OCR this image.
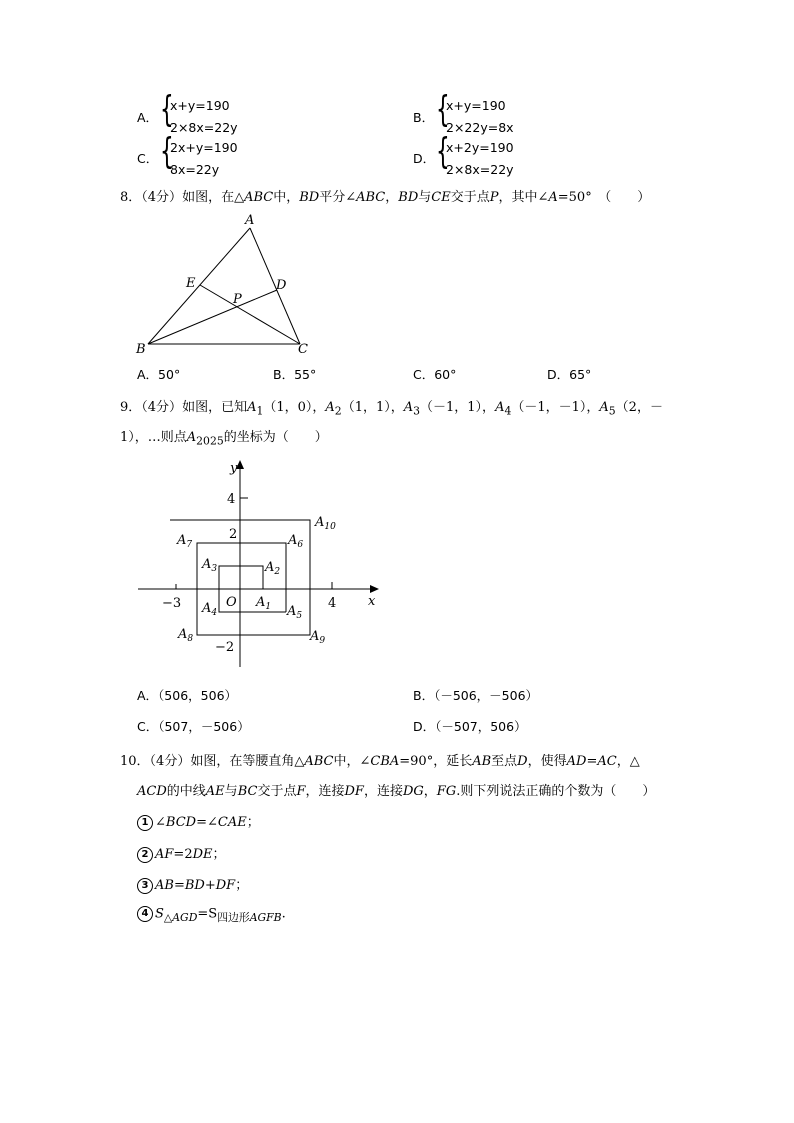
A． {
x+y=190
2×8x=22y
B． {
x+y=190
2×22y=8x
C． {
2x+y=190
8x=22y
D． {
x+2y=190
2×8x=22y
8．（4分）如图，在△ABC中，BD平分∠ABC，BD与CE交于点P，其中∠A=50°　（　　）
A
B	C
D
E
P
A．50°	B．55°	C．60°	D．65°
9．（4分）如图，已知$A_1(1$，0），$A_2(1$，1），$A_3(-1$，1），$A_4(-1$，－1），$A_5(2$，－
1），…则点$A_{2025}$的坐标为（　　）
y
x
O
4
2
−2
−3	4
$A_1$
$A_2$
$A_3$
$A_4$	$A_5$
$A_6$
$A_7$
$A_8$	$A_9$
$A_{10}$
A．（506，506）	B．（－506，－506）
C．（507，－506）	D．（－507，506）
10．（4分）如图，在等腰直角△ABC中，∠CBA=90°，延长AB至点D，使得AD=AC，△
ACD的中线AE与BC交于点F，连接DF，连接DG，FG.则下列说法正确的个数为（　　）
1 ∠BCD=∠CAE；
2 AF=2DE；
3 AB=BD+DF；
4 $S_{\triangle AGD}=S_{四边形AGFB}$.
